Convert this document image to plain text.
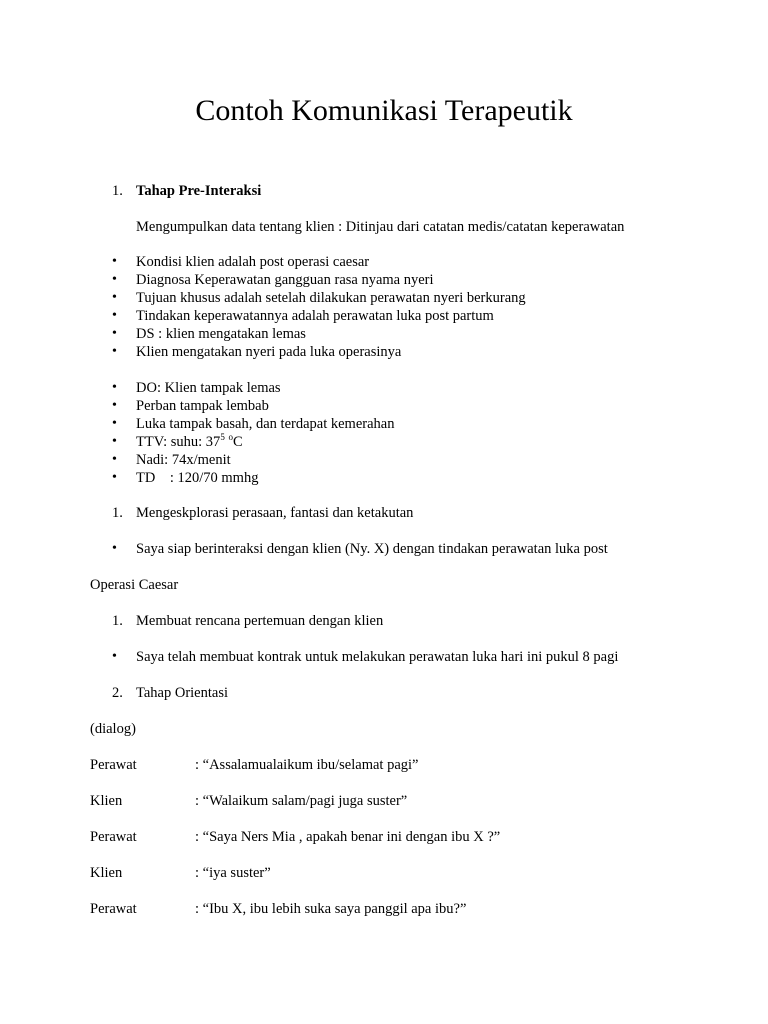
Contoh Komunikasi Terapeutik
1. Tahap Pre-Interaksi
Mengumpulkan data tentang klien : Ditinjau dari catatan medis/catatan keperawatan
• Kondisi klien adalah post operasi caesar
• Diagnosa Keperawatan gangguan rasa nyama nyeri
• Tujuan khusus adalah setelah dilakukan perawatan nyeri berkurang
• Tindakan keperawatannya adalah perawatan luka post partum
• DS : klien mengatakan lemas
• Klien mengatakan nyeri pada luka operasinya
• DO: Klien tampak lemas
• Perban tampak lembab
• Luka tampak basah, dan terdapat kemerahan
• TTV: suhu: $37^5$ $^o$C
• Nadi: 74x/menit
• TD    : 120/70 mmhg
1. Mengeskplorasi perasaan, fantasi dan ketakutan
• Saya siap berinteraksi dengan klien (Ny. X) dengan tindakan perawatan luka post
Operasi Caesar
1. Membuat rencana pertemuan dengan klien
• Saya telah membuat kontrak untuk melakukan perawatan luka hari ini pukul 8 pagi
2. Tahap Orientasi
(dialog)
Perawat	: “Assalamualaikum ibu/selamat pagi”
Klien	: “Walaikum salam/pagi juga suster”
Perawat	: “Saya Ners Mia , apakah benar ini dengan ibu X ?”
Klien	: “iya suster”
Perawat	: “Ibu X, ibu lebih suka saya panggil apa ibu?”
